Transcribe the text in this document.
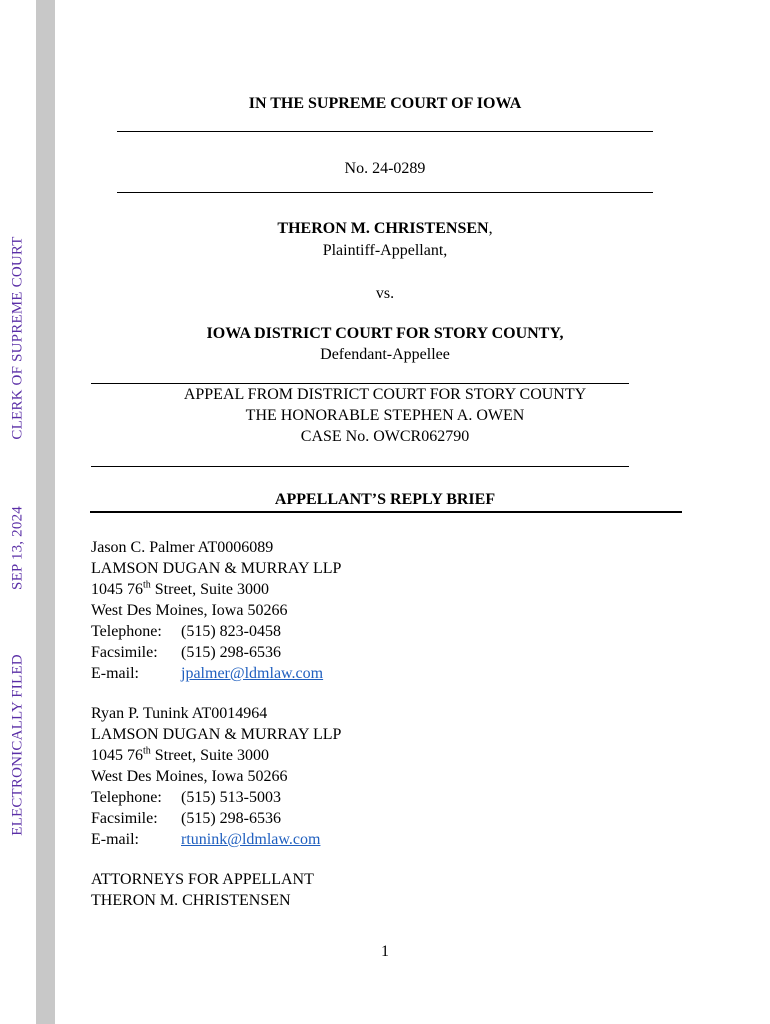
ELECTRONICALLY FILED
SEP 13, 2024
CLERK OF SUPREME COURT
IN THE SUPREME COURT OF IOWA
No. 24-0289
THERON M. CHRISTENSEN,
Plaintiff-Appellant,
vs.
IOWA DISTRICT COURT FOR STORY COUNTY,
Defendant-Appellee
APPEAL FROM DISTRICT COURT FOR STORY COUNTY
THE HONORABLE STEPHEN A. OWEN
CASE No. OWCR062790
APPELLANT’S REPLY BRIEF
Jason C. Palmer AT0006089
LAMSON DUGAN & MURRAY LLP
1045 76th Street, Suite 3000
West Des Moines, Iowa 50266
Telephone: (515) 823-0458
Facsimile: (515) 298-6536
E-mail:	jpalmer@ldmlaw.com
Ryan P. Tunink AT0014964
LAMSON DUGAN & MURRAY LLP
1045 76th Street, Suite 3000
West Des Moines, Iowa 50266
Telephone: (515) 513-5003
Facsimile: (515) 298-6536
E-mail:	rtunink@ldmlaw.com
ATTORNEYS FOR APPELLANT
THERON M. CHRISTENSEN
1
